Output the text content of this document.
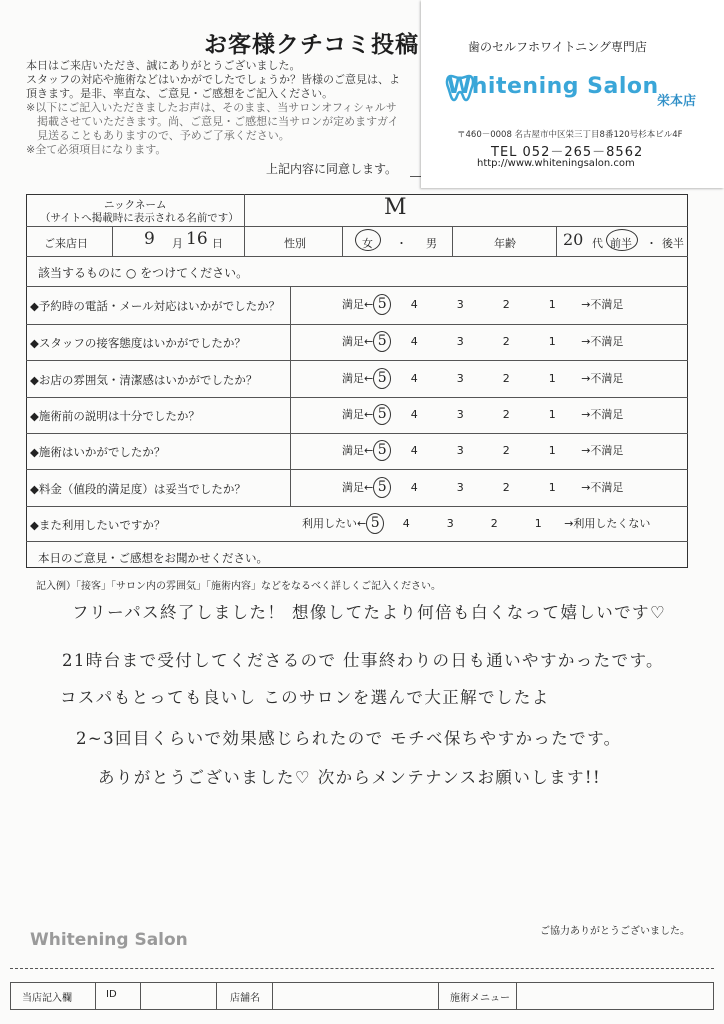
お客様クチコミ投稿
本日はご来店いただき、誠にありがとうございました。
スタッフの対応や施術などはいかがでしたでしょうか？皆様のご意見は、よ
頂きます。是非、率直な、ご意見・ご感想をご記入ください。
※以下にご記入いただきましたお声は、そのまま、当サロンオフィシャルサ
　掲載させていただきます。尚、ご意見・ご感想に当サロンが定めますガイ
　見送ることもありますので、予めご了承ください。
※全て必須項目になります。
上記内容に同意します。
歯のセルフホワイトニング専門店
Whitening Salon
栄本店
〒460－0008 名古屋市中区栄三丁目8番120号杉本ビル4F
TEL 052－265－8562
http://www.whiteningsalon.com
ニックネーム
（サイトへ掲載時に表示される名前です）	M
ご来店日	9 月 16 日	性別	女 ・ 男	年齢	20 代 前半 ・ 後半
該当するものに ○ をつけてください。
◆予約時の電話・メール対応はいかがでしたか？	満足← 5 4	3	2	1 →不満足
◆スタッフの接客態度はいかがでしたか？	満足← 5 4	3	2	1 →不満足
◆お店の雰囲気・清潔感はいかがでしたか？	満足← 5 4	3	2	1 →不満足
◆施術前の説明は十分でしたか？	満足← 5 4	3	2	1 →不満足
◆施術はいかがでしたか？	満足← 5 4	3	2	1 →不満足
◆料金（値段的満足度）は妥当でしたか？	満足← 5 4	3	2	1 →不満足
◆また利用したいですか？	利用したい← 5 4	3	2	1 →利用したくない
本日のご意見・ご感想をお聞かせください。
記入例）「接客」「サロン内の雰囲気」「施術内容」などをなるべく詳しくご記入ください。
フリーパス終了しました！ 想像してたより何倍も白くなって嬉しいです♡
21時台まで受付してくださるので 仕事終わりの日も通いやすかったです。
コスパもとっても良いし このサロンを選んで大正解でしたよ
2~3回目くらいで効果感じられたので モチベ保ちやすかったです。
ありがとうございました♡ 次からメンテナンスお願いします!!
ご協力ありがとうございました。
Whitening Salon
当店記入欄	ID	店舗名	施術メニュー
